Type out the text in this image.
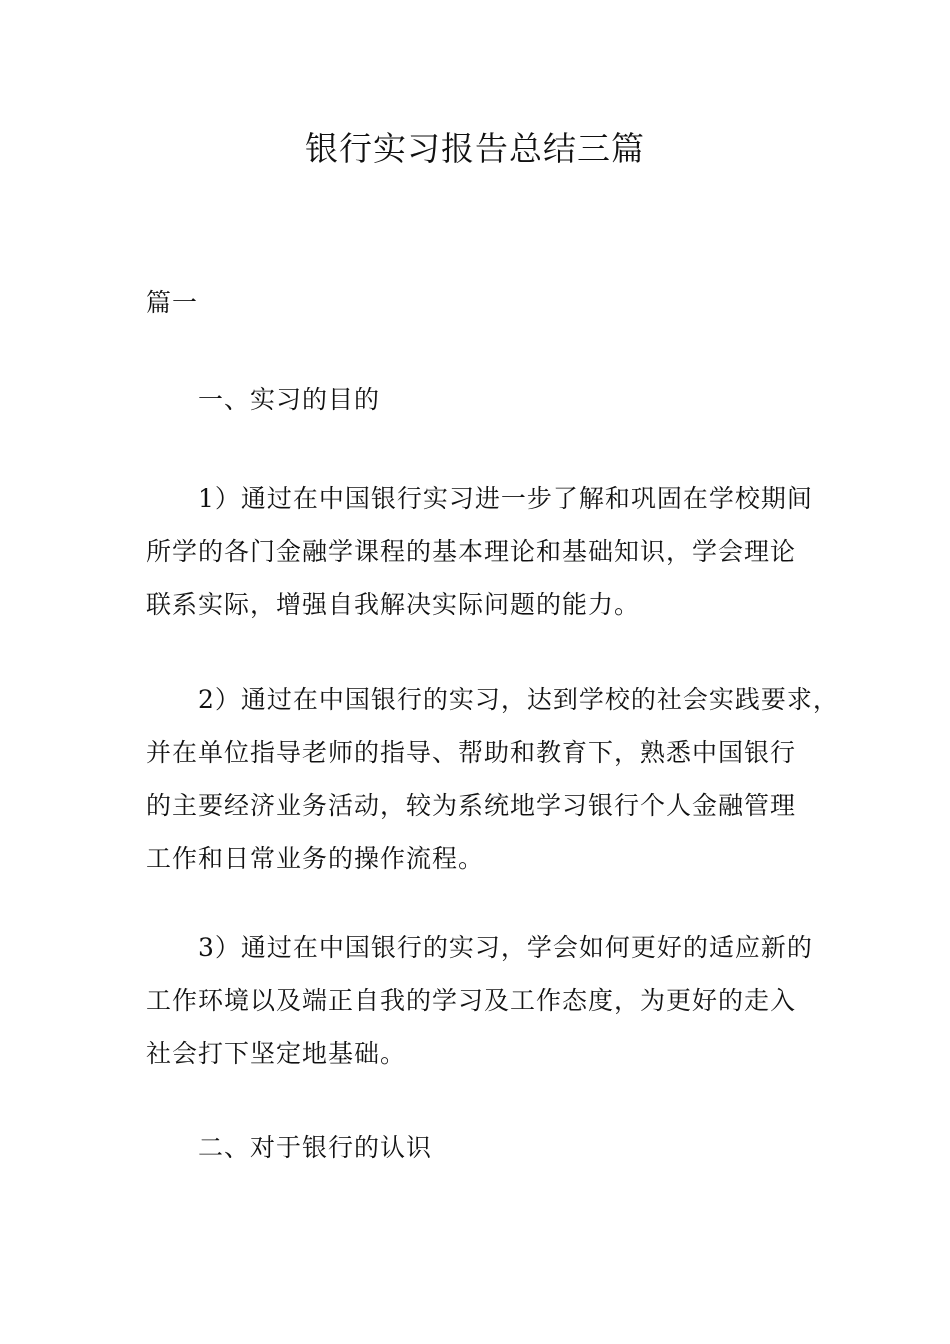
银行实习报告总结三篇

篇一

一、实习的目的

1）通过在中国银行实习进一步了解和巩固在学校期间
所学的各门金融学课程的基本理论和基础知识，学会理论
联系实际，增强自我解决实际问题的能力。
2）通过在中国银行的实习，达到学校的社会实践要求，
并在单位指导老师的指导、帮助和教育下，熟悉中国银行
的主要经济业务活动，较为系统地学习银行个人金融管理
工作和日常业务的操作流程。
3）通过在中国银行的实习，学会如何更好的适应新的
工作环境以及端正自我的学习及工作态度，为更好的走入
社会打下坚定地基础。

二、对于银行的认识
